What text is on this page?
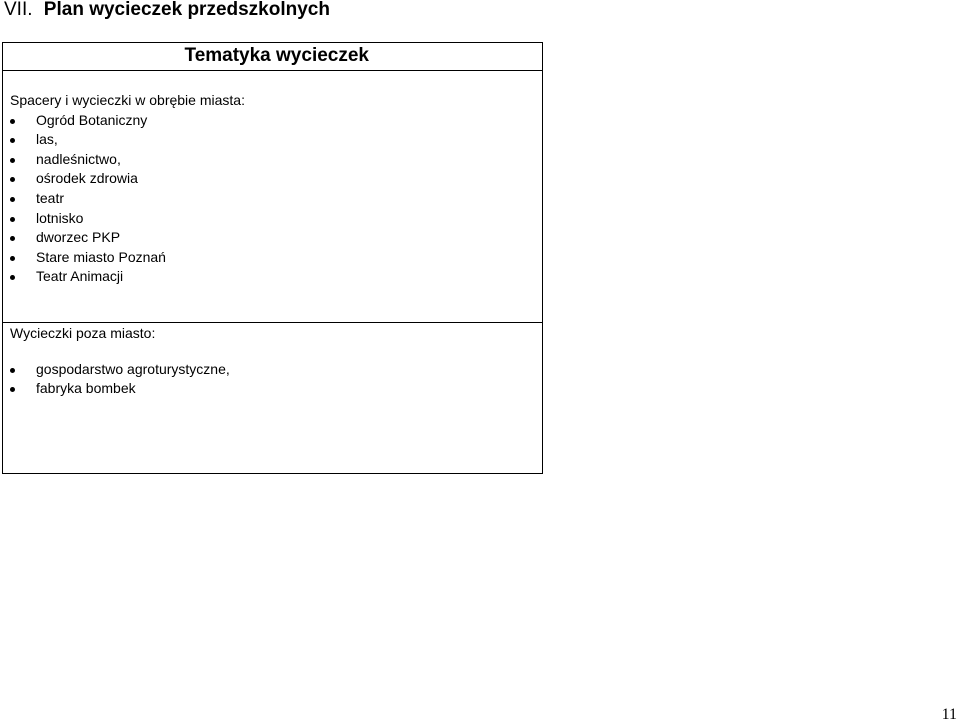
VII. Plan wycieczek przedszkolnych
Tematyka wycieczek
Spacery i wycieczki w obrębie miasta:
Ogród Botaniczny
las,
nadleśnictwo,
ośrodek zdrowia
teatr
lotnisko
dworzec PKP
Stare miasto Poznań
Teatr Animacji
Wycieczki poza miasto:
gospodarstwo agroturystyczne,
fabryka bombek
11
